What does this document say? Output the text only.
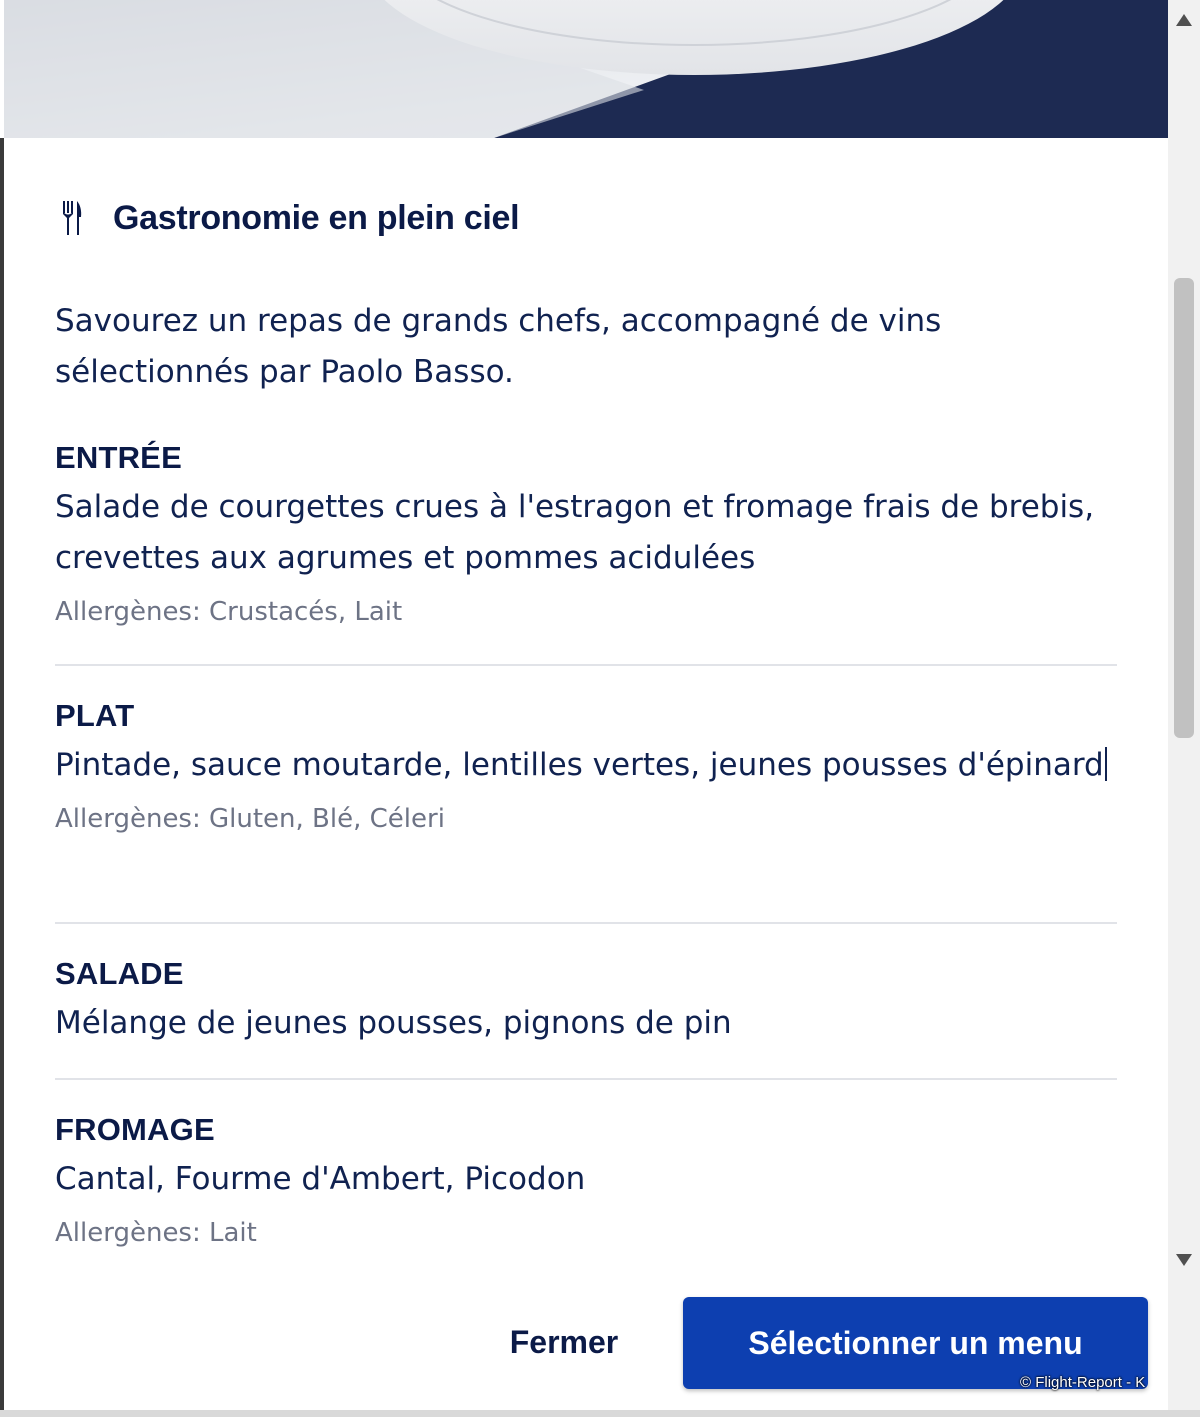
Gastronomie en plein ciel
Savourez un repas de grands chefs, accompagné de vins sélectionnés par Paolo Basso.
ENTRÉE
Salade de courgettes crues à l'estragon et fromage frais de brebis, crevettes aux agrumes et pommes acidulées
Allergènes: Crustacés, Lait
PLAT
Pintade, sauce moutarde, lentilles vertes, jeunes pousses d'épinard
Allergènes: Gluten, Blé, Céleri
SALADE
Mélange de jeunes pousses, pignons de pin
FROMAGE
Cantal, Fourme d'Ambert, Picodon
Allergènes: Lait
Fermer	Sélectionner un menu
© Flight-Report - K
